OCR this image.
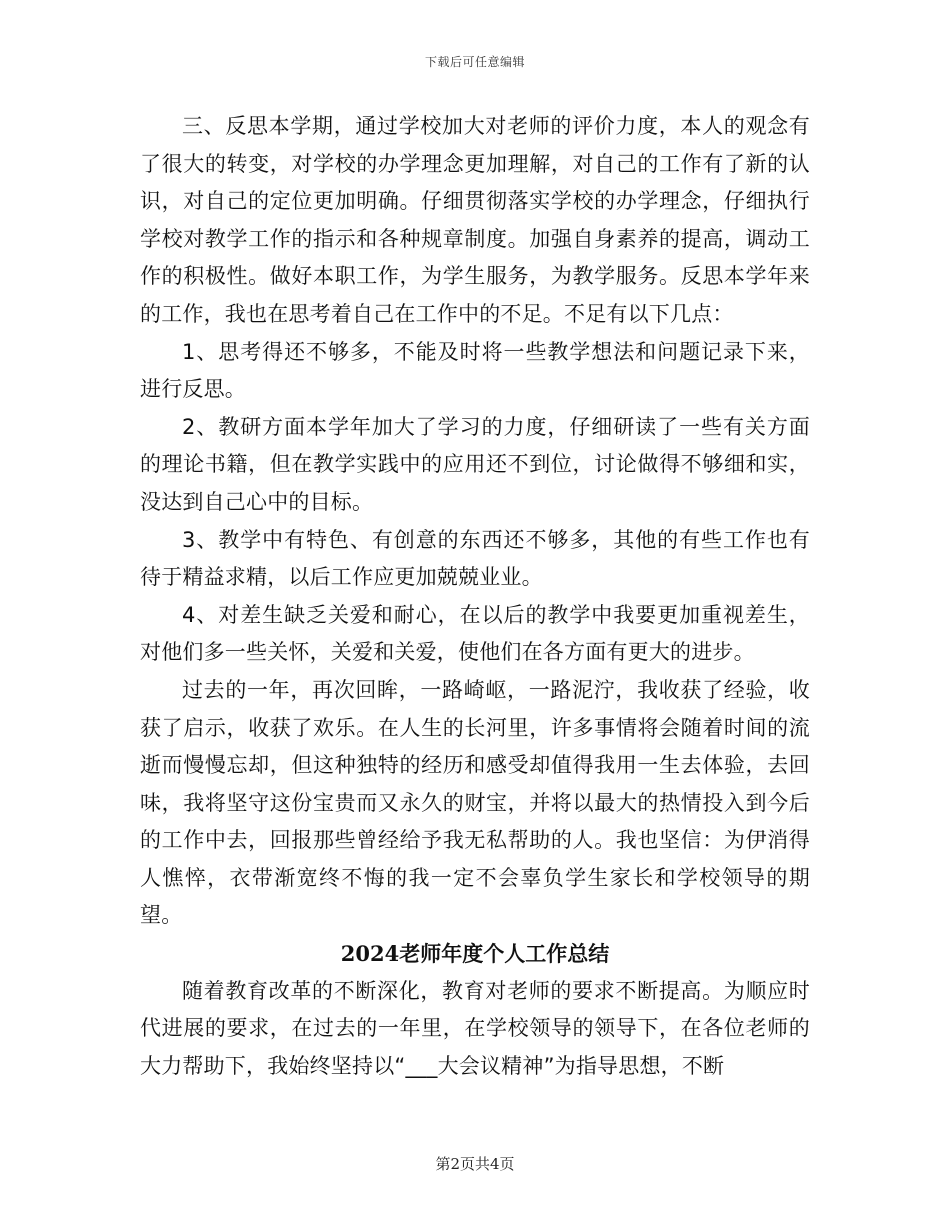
下载后可任意编辑

三、反思本学期，通过学校加大对老师的评价力度，本人的观念有了很大的转变，对学校的办学理念更加理解，对自己的工作有了新的认识，对自己的定位更加明确。仔细贯彻落实学校的办学理念，仔细执行学校对教学工作的指示和各种规章制度。加强自身素养的提高，调动工作的积极性。做好本职工作，为学生服务，为教学服务。反思本学年来的工作，我也在思考着自己在工作中的不足。不足有以下几点：

1、思考得还不够多，不能及时将一些教学想法和问题记录下来，进行反思。

2、教研方面本学年加大了学习的力度，仔细研读了一些有关方面的理论书籍，但在教学实践中的应用还不到位，讨论做得不够细和实，没达到自己心中的目标。

3、教学中有特色、有创意的东西还不够多，其他的有些工作也有待于精益求精，以后工作应更加兢兢业业。

4、对差生缺乏关爱和耐心，在以后的教学中我要更加重视差生，对他们多一些关怀，关爱和关爱，使他们在各方面有更大的进步。

过去的一年，再次回眸，一路崎岖，一路泥泞，我收获了经验，收获了启示，收获了欢乐。在人生的长河里，许多事情将会随着时间的流逝而慢慢忘却，但这种独特的经历和感受却值得我用一生去体验，去回味，我将坚守这份宝贵而又永久的财宝，并将以最大的热情投入到今后的工作中去，回报那些曾经给予我无私帮助的人。我也坚信：为伊消得人憔悴，衣带渐宽终不悔的我一定不会辜负学生家长和学校领导的期望。

2024老师年度个人工作总结

随着教育改革的不断深化，教育对老师的要求不断提高。为顺应时代进展的要求，在过去的一年里，在学校领导的领导下，在各位老师的大力帮助下，我始终坚持以“___大会议精神”为指导思想，不断

第2页共4页
